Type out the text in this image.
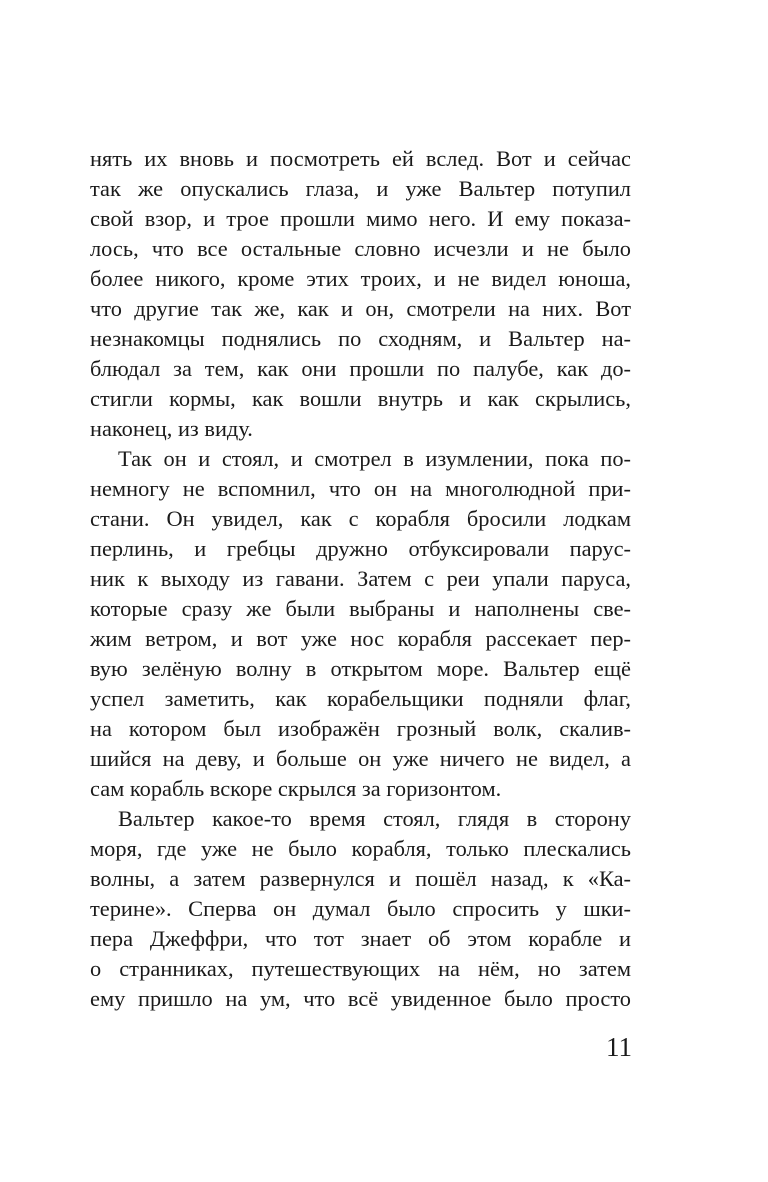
нять их вновь и посмотреть ей вслед. Вот и сейчас
так же опускались глаза, и уже Вальтер потупил
свой взор, и трое прошли мимо него. И ему показа-
лось, что все остальные словно исчезли и не было
более никого, кроме этих троих, и не видел юноша,
что другие так же, как и он, смотрели на них. Вот
незнакомцы поднялись по сходням, и Вальтер на-
блюдал за тем, как они прошли по палубе, как до-
стигли кормы, как вошли внутрь и как скрылись,
наконец, из виду.
Так он и стоял, и смотрел в изумлении, пока по-
немногу не вспомнил, что он на многолюдной при-
стани. Он увидел, как с корабля бросили лодкам
перлинь, и гребцы дружно отбуксировали парус-
ник к выходу из гавани. Затем с реи упали паруса,
которые сразу же были выбраны и наполнены све-
жим ветром, и вот уже нос корабля рассекает пер-
вую зелёную волну в открытом море. Вальтер ещё
успел заметить, как корабельщики подняли флаг,
на котором был изображён грозный волк, скалив-
шийся на деву, и больше он уже ничего не видел, а
сам корабль вскоре скрылся за горизонтом.
Вальтер какое-то время стоял, глядя в сторону
моря, где уже не было корабля, только плескались
волны, а затем развернулся и пошёл назад, к «Ка-
терине». Сперва он думал было спросить у шки-
пера Джеффри, что тот знает об этом корабле и
о странниках, путешествующих на нём, но затем
ему пришло на ум, что всё увиденное было просто
11
